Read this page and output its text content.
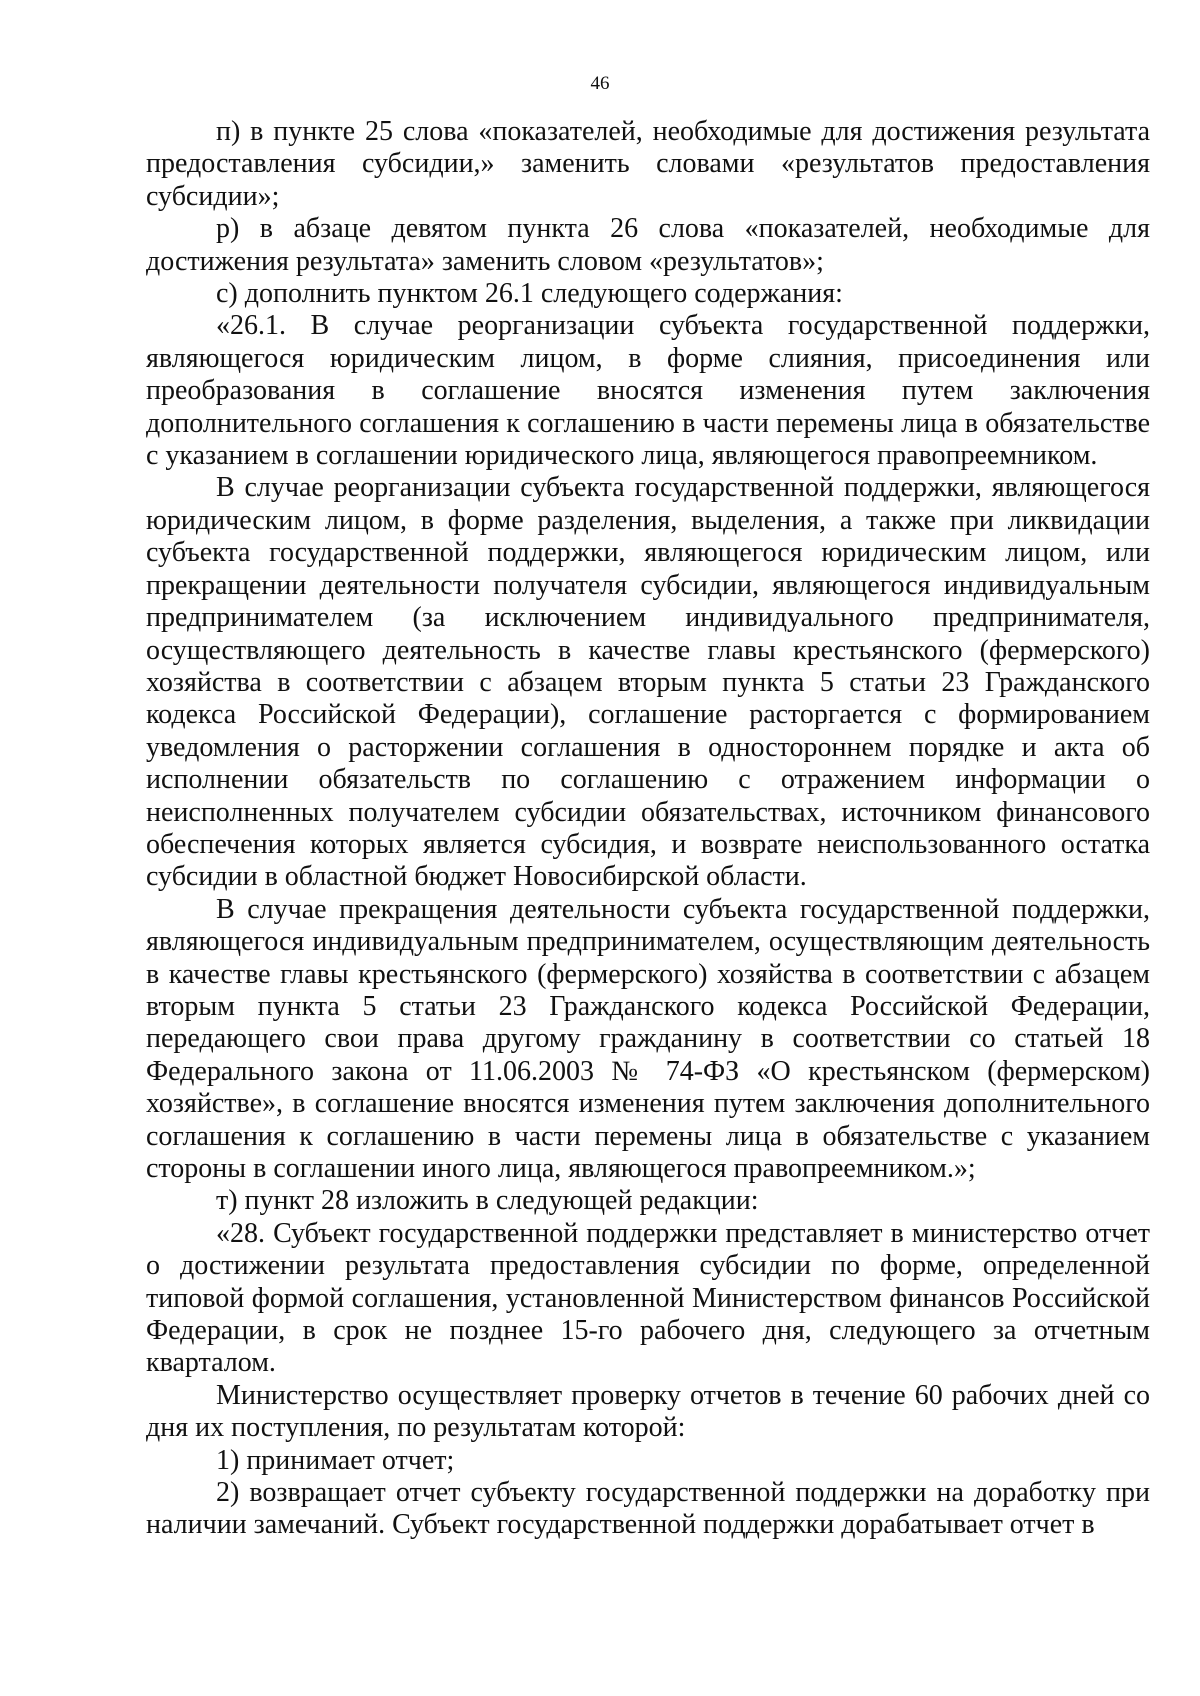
46

п) в пункте 25 слова «показателей, необходимые для достижения результата предоставления субсидии,» заменить словами «результатов предоставления субсидии»;

р) в абзаце девятом пункта 26 слова «показателей, необходимые для достижения результата» заменить словом «результатов»;

с) дополнить пунктом 26.1 следующего содержания:

«26.1. В случае реорганизации субъекта государственной поддержки, являющегося юридическим лицом, в форме слияния, присоединения или преобразования в соглашение вносятся изменения путем заключения дополнительного соглашения к соглашению в части перемены лица в обязательстве с указанием в соглашении юридического лица, являющегося правопреемником.

В случае реорганизации субъекта государственной поддержки, являющегося юридическим лицом, в форме разделения, выделения, а также при ликвидации субъекта государственной поддержки, являющегося юридическим лицом, или прекращении деятельности получателя субсидии, являющегося индивидуальным предпринимателем (за исключением индивидуального предпринимателя, осуществляющего деятельность в качестве главы крестьянского (фермерского) хозяйства в соответствии с абзацем вторым пункта 5 статьи 23 Гражданского кодекса Российской Федерации), соглашение расторгается с формированием уведомления о расторжении соглашения в одностороннем порядке и акта об исполнении обязательств по соглашению с отражением информации о неисполненных получателем субсидии обязательствах, источником финансового обеспечения которых является субсидия, и возврате неиспользованного остатка субсидии в областной бюджет Новосибирской области.

В случае прекращения деятельности субъекта государственной поддержки, являющегося индивидуальным предпринимателем, осуществляющим деятельность в качестве главы крестьянского (фермерского) хозяйства в соответствии с абзацем вторым пункта 5 статьи 23 Гражданского кодекса Российской Федерации, передающего свои права другому гражданину в соответствии со статьей 18 Федерального закона от 11.06.2003 № 74-ФЗ «О крестьянском (фермерском) хозяйстве», в соглашение вносятся изменения путем заключения дополнительного соглашения к соглашению в части перемены лица в обязательстве с указанием стороны в соглашении иного лица, являющегося правопреемником.»;

т) пункт 28 изложить в следующей редакции:

«28. Субъект государственной поддержки представляет в министерство отчет о достижении результата предоставления субсидии по форме, определенной типовой формой соглашения, установленной Министерством финансов Российской Федерации, в срок не позднее 15-го рабочего дня, следующего за отчетным кварталом.

Министерство осуществляет проверку отчетов в течение 60 рабочих дней со дня их поступления, по результатам которой:

1) принимает отчет;

2) возвращает отчет субъекту государственной поддержки на доработку при наличии замечаний. Субъект государственной поддержки дорабатывает отчет в
